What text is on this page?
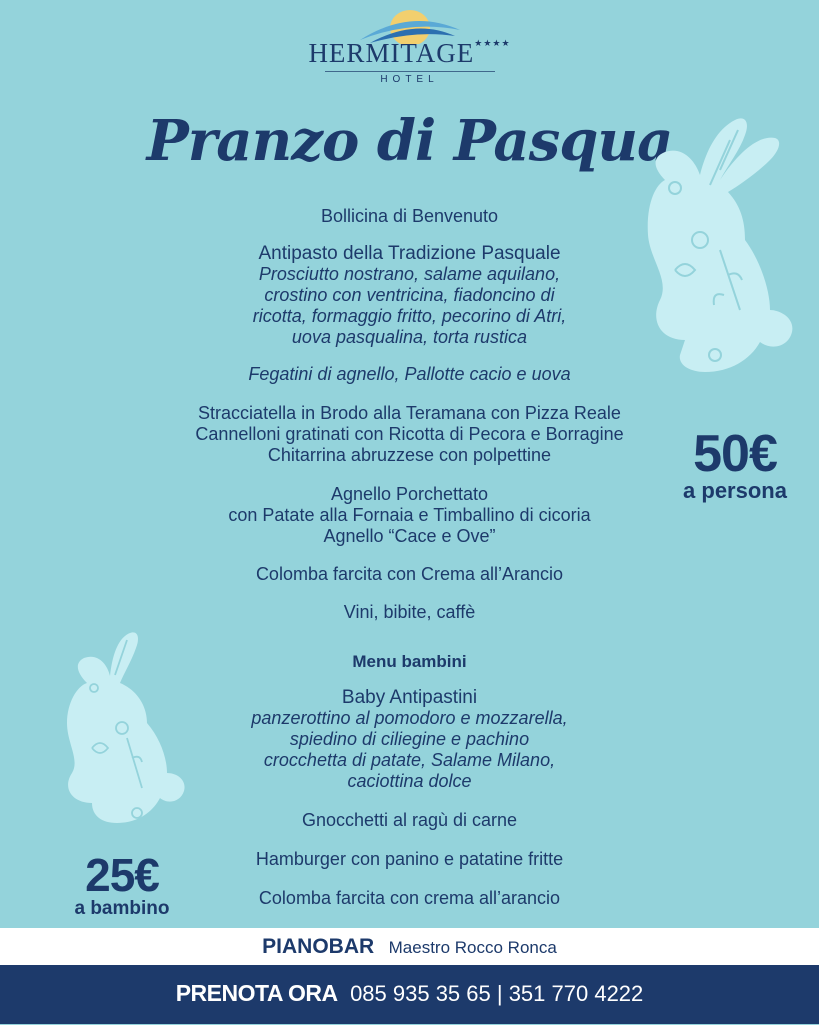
HERMITAGE★★★★
HOTEL
Pranzo di Pasqua
Bollicina di Benvenuto
Antipasto della Tradizione Pasquale
Prosciutto nostrano, salame aquilano,
crostino con ventricina, fiadoncino di
ricotta, formaggio fritto, pecorino di Atri,
uova pasqualina, torta rustica
Fegatini di agnello, Pallotte cacio e uova
Stracciatella in Brodo alla Teramana con Pizza Reale
Cannelloni gratinati con Ricotta di Pecora e Borragine
Chitarrina abruzzese con polpettine
Agnello Porchettato
con Patate alla Fornaia e Timballino di cicoria
Agnello “Cace e Ove”
Colomba farcita con Crema all’Arancio
Vini, bibite, caffè
50€
a persona
Menu bambini
Baby Antipastini
panzerottino al pomodoro e mozzarella,
spiedino di ciliegine e pachino
crocchetta di patate, Salame Milano,
caciottina dolce
Gnocchetti al ragù di carne
Hamburger con panino e patatine fritte
Colomba farcita con crema all’arancio
25€
a bambino
PIANOBAR Maestro Rocco Ronca
PRENOTA ORA 085 935 35 65 | 351 770 4222
